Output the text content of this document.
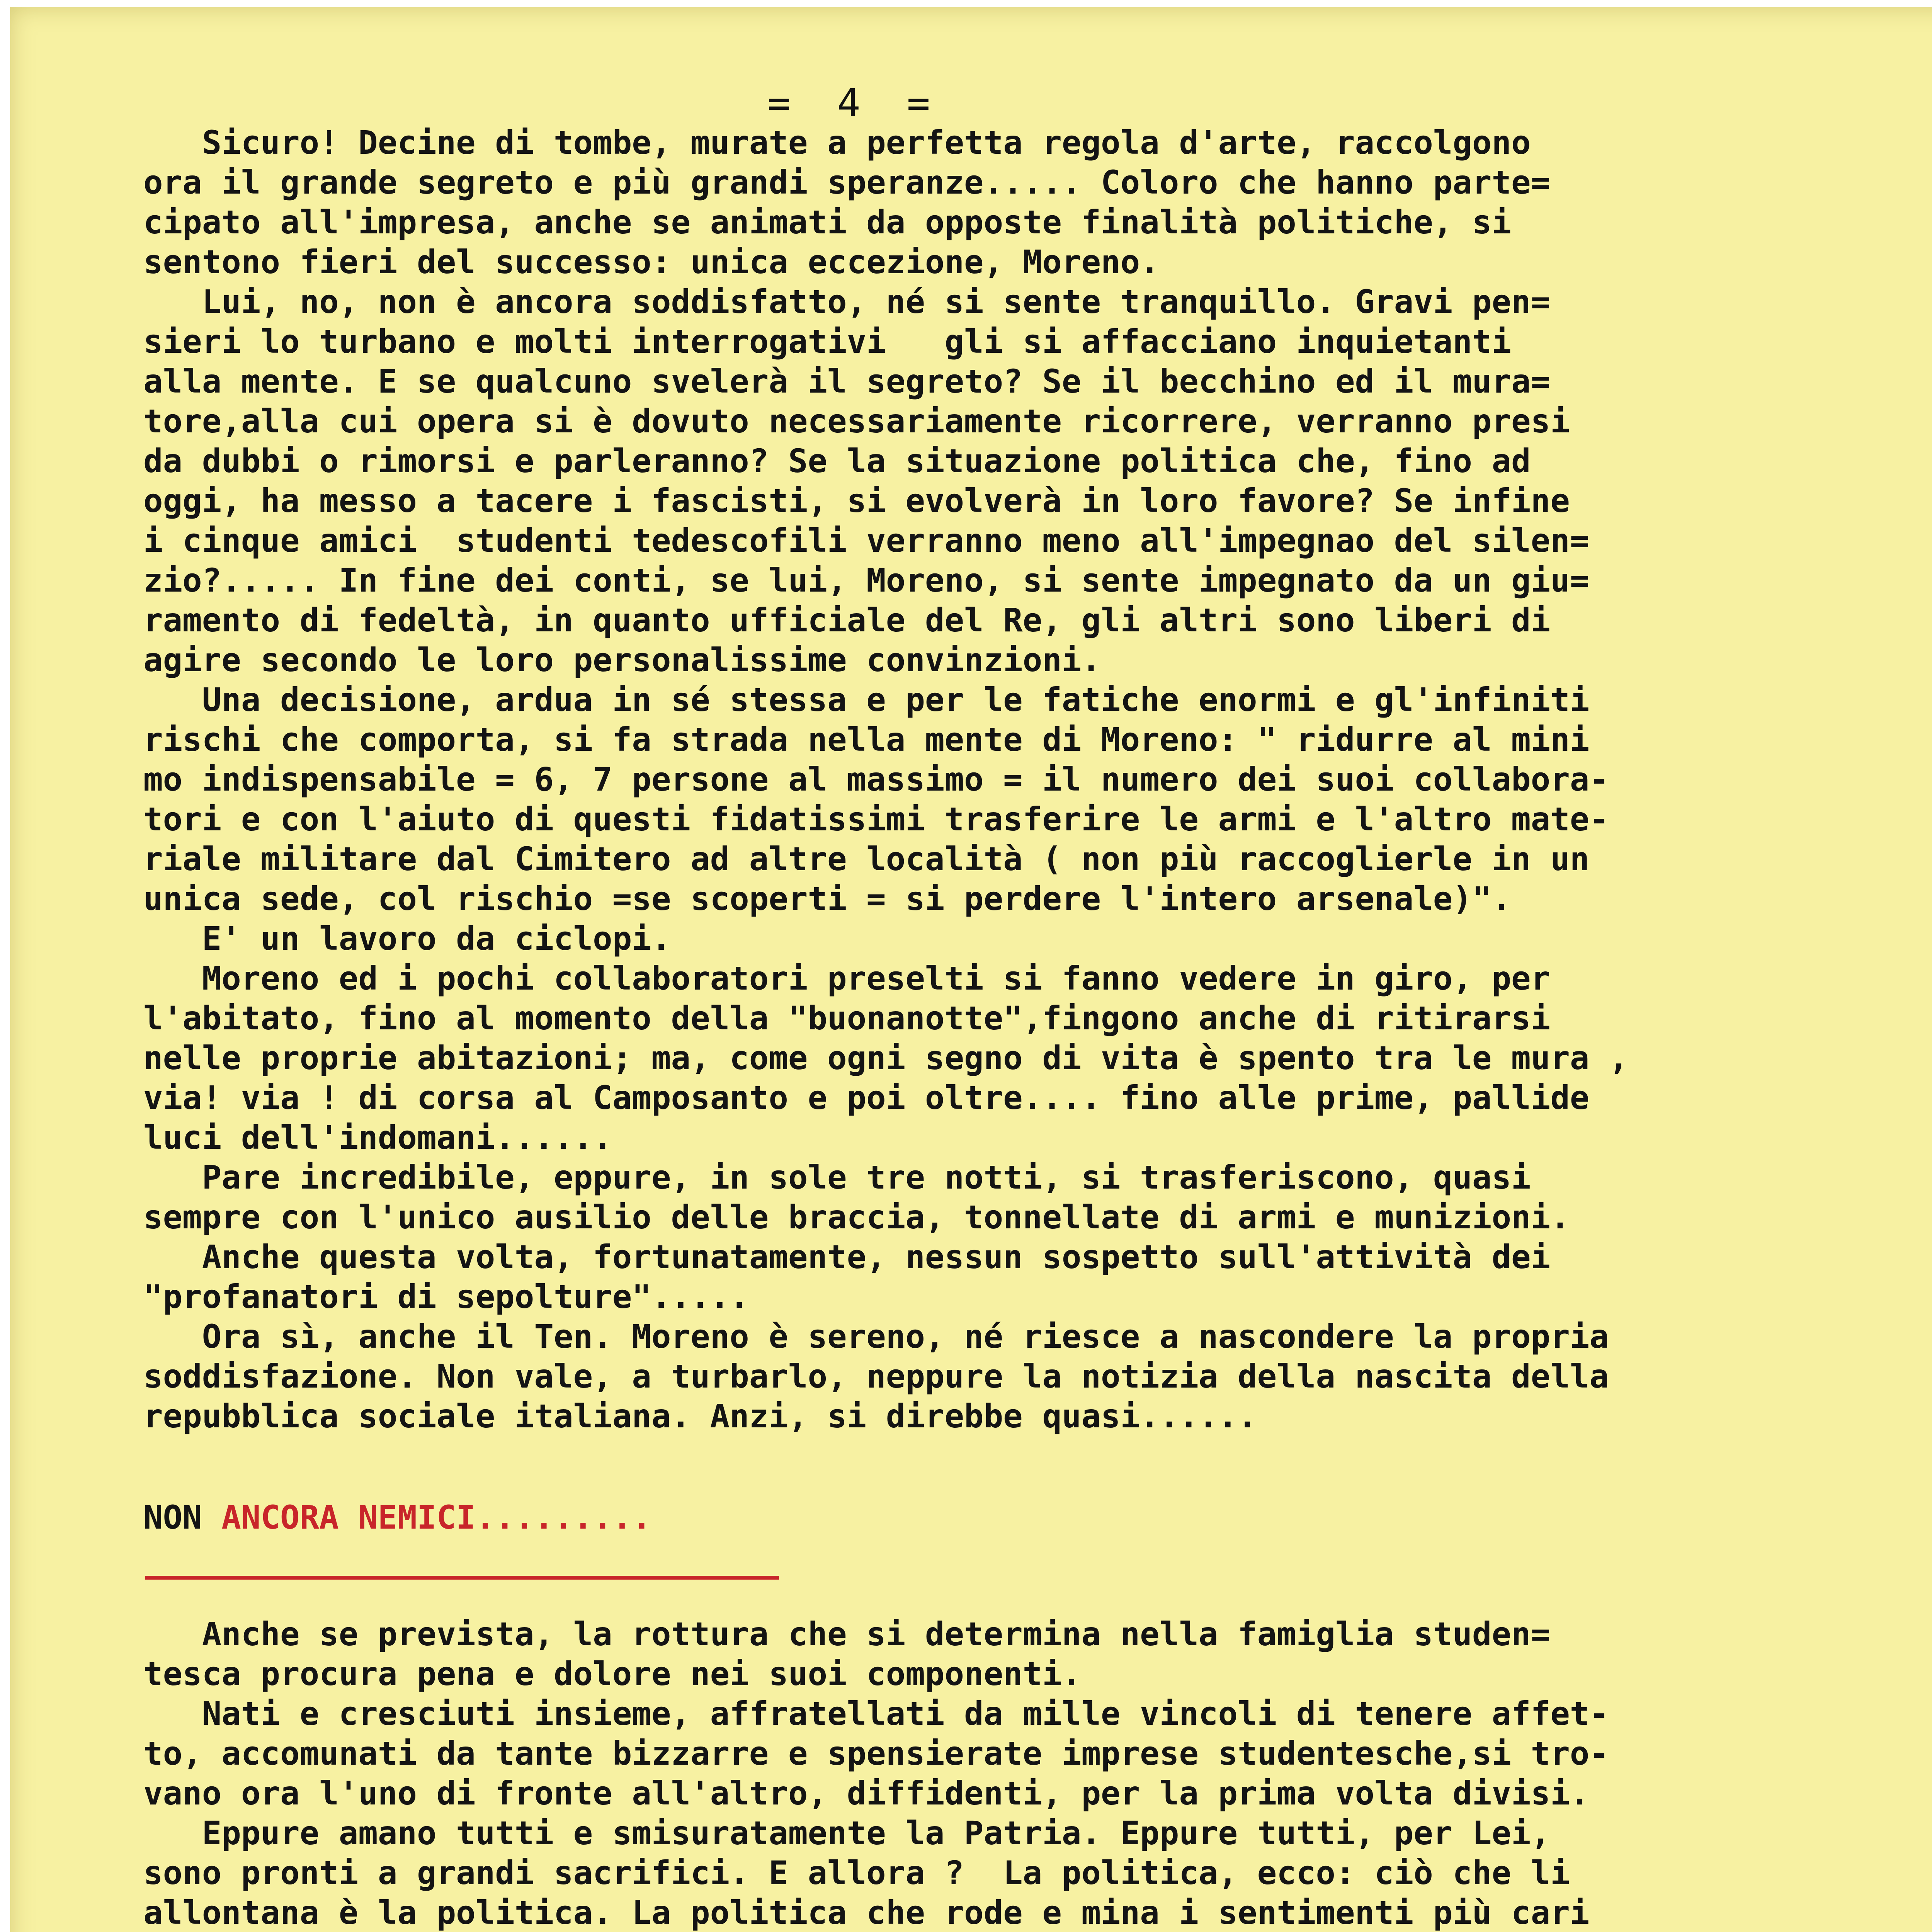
= 4 =

Sicuro! Decine di tombe, murate a perfetta regola d'arte, raccolgono

ora il grande segreto e più grandi speranze..... Coloro che hanno parte=

cipato all'impresa, anche se animati da opposte finalità politiche, si

sentono fieri del successo: unica eccezione, Moreno.

Lui, no, non è ancora soddisfatto, né si sente tranquillo. Gravi pen=

sieri lo turbano e molti interrogativi   gli si affacciano inquietanti

alla mente. E se qualcuno svelerà il segreto? Se il becchino ed il mura=

tore,alla cui opera si è dovuto necessariamente ricorrere, verranno presi

da dubbi o rimorsi e parleranno? Se la situazione politica che, fino ad

oggi, ha messo a tacere i fascisti, si evolverà in loro favore? Se infine

i cinque amici  studenti tedescofili verranno meno all'impegnao del silen=

zio?..... In fine dei conti, se lui, Moreno, si sente impegnato da un giu=

ramento di fedeltà, in quanto ufficiale del Re, gli altri sono liberi di

agire secondo le loro personalissime convinzioni.

Una decisione, ardua in sé stessa e per le fatiche enormi e gl'infiniti

rischi che comporta, si fa strada nella mente di Moreno: " ridurre al mini

mo indispensabile = 6, 7 persone al massimo = il numero dei suoi collabora-

tori e con l'aiuto di questi fidatissimi trasferire le armi e l'altro mate-

riale militare dal Cimitero ad altre località ( non più raccoglierle in un

unica sede, col rischio =se scoperti = si perdere l'intero arsenale)".

E' un lavoro da ciclopi.

Moreno ed i pochi collaboratori preselti si fanno vedere in giro, per

l'abitato, fino al momento della "buonanotte",fingono anche di ritirarsi

nelle proprie abitazioni; ma, come ogni segno di vita è spento tra le mura ,

via! via ! di corsa al Camposanto e poi oltre.... fino alle prime, pallide

luci dell'indomani......

Pare incredibile, eppure, in sole tre notti, si trasferiscono, quasi

sempre con l'unico ausilio delle braccia, tonnellate di armi e munizioni.

Anche questa volta, fortunatamente, nessun sospetto sull'attività dei

"profanatori di sepolture".....

Ora sì, anche il Ten. Moreno è sereno, né riesce a nascondere la propria

soddisfazione. Non vale, a turbarlo, neppure la notizia della nascita della

repubblica sociale italiana. Anzi, si direbbe quasi......

NON ANCORA NEMICI.........

Anche se prevista, la rottura che si determina nella famiglia studen=

tesca procura pena e dolore nei suoi componenti.

Nati e cresciuti insieme, affratellati da mille vincoli di tenere affet-

to, accomunati da tante bizzarre e spensierate imprese studentesche,si tro-

vano ora l'uno di fronte all'altro, diffidenti, per la prima volta divisi.

Eppure amano tutti e smisuratamente la Patria. Eppure tutti, per Lei,

sono pronti a grandi sacrifici. E allora ?  La politica, ecco: ciò che li

allontana è la politica. La politica che rode e mina i sentimenti più cari
